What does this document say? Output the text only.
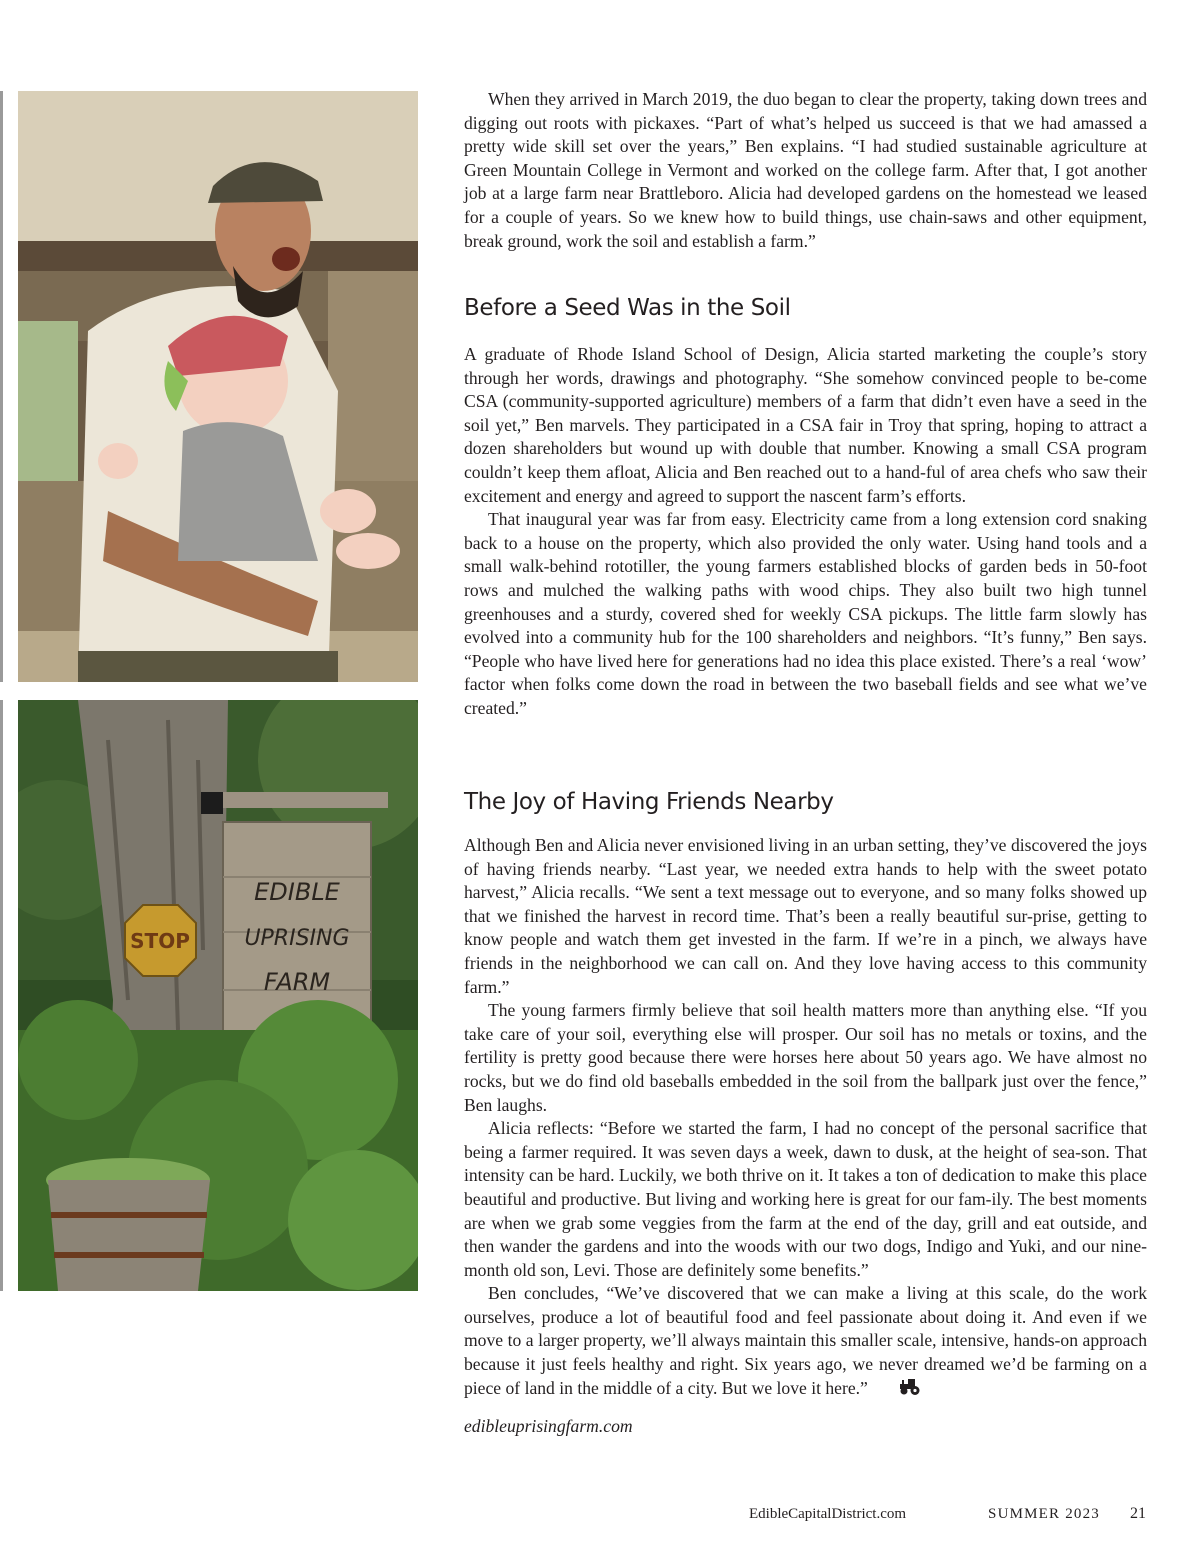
EDIBLE
UPRISING
FARM
STOP

When they arrived in March 2019, the duo began to clear the property, taking down trees and digging out roots with pickaxes. “Part of what’s helped us succeed is that we had amassed a pretty wide skill set over the years,” Ben explains. “I had studied sustainable agriculture at Green Mountain College in Vermont and worked on the college farm. After that, I got another job at a large farm near Brattleboro. Alicia had developed gardens on the homestead we leased for a couple of years. So we knew how to build things, use chain-saws and other equipment, break ground, work the soil and establish a farm.”

Before a Seed Was in the Soil

A graduate of Rhode Island School of Design, Alicia started marketing the couple’s story through her words, drawings and photography. “She somehow convinced people to be-come CSA (community-supported agriculture) members of a farm that didn’t even have a seed in the soil yet,” Ben marvels. They participated in a CSA fair in Troy that spring, hoping to attract a dozen shareholders but wound up with double that number. Knowing a small CSA program couldn’t keep them afloat, Alicia and Ben reached out to a hand-ful of area chefs who saw their excitement and energy and agreed to support the nascent farm’s efforts.

That inaugural year was far from easy. Electricity came from a long extension cord snaking back to a house on the property, which also provided the only water. Using hand tools and a small walk-behind rototiller, the young farmers established blocks of garden beds in 50-foot rows and mulched the walking paths with wood chips. They also built two high tunnel greenhouses and a sturdy, covered shed for weekly CSA pickups. The little farm slowly has evolved into a community hub for the 100 shareholders and neighbors. “It’s funny,” Ben says. “People who have lived here for generations had no idea this place existed. There’s a real ‘wow’ factor when folks come down the road in between the two baseball fields and see what we’ve created.”

The Joy of Having Friends Nearby

Although Ben and Alicia never envisioned living in an urban setting, they’ve discovered the joys of having friends nearby. “Last year, we needed extra hands to help with the sweet potato harvest,” Alicia recalls. “We sent a text message out to everyone, and so many folks showed up that we finished the harvest in record time. That’s been a really beautiful sur-prise, getting to know people and watch them get invested in the farm. If we’re in a pinch, we always have friends in the neighborhood we can call on. And they love having access to this community farm.”

The young farmers firmly believe that soil health matters more than anything else. “If you take care of your soil, everything else will prosper. Our soil has no metals or toxins, and the fertility is pretty good because there were horses here about 50 years ago. We have almost no rocks, but we do find old baseballs embedded in the soil from the ballpark just over the fence,” Ben laughs.

Alicia reflects: “Before we started the farm, I had no concept of the personal sacrifice that being a farmer required. It was seven days a week, dawn to dusk, at the height of sea-son. That intensity can be hard. Luckily, we both thrive on it. It takes a ton of dedication to make this place beautiful and productive. But living and working here is great for our fam-ily. The best moments are when we grab some veggies from the farm at the end of the day, grill and eat outside, and then wander the gardens and into the woods with our two dogs, Indigo and Yuki, and our nine-month old son, Levi. Those are definitely some benefits.”

Ben concludes, “We’ve discovered that we can make a living at this scale, do the work ourselves, produce a lot of beautiful food and feel passionate about doing it. And even if we move to a larger property, we’ll always maintain this smaller scale, intensive, hands-on approach because it just feels healthy and right. Six years ago, we never dreamed we’d be farming on a piece of land in the middle of a city. But we love it here.”

edibleuprisingfarm.com

EdibleCapitalDistrict.com	SUMMER 2023 21
